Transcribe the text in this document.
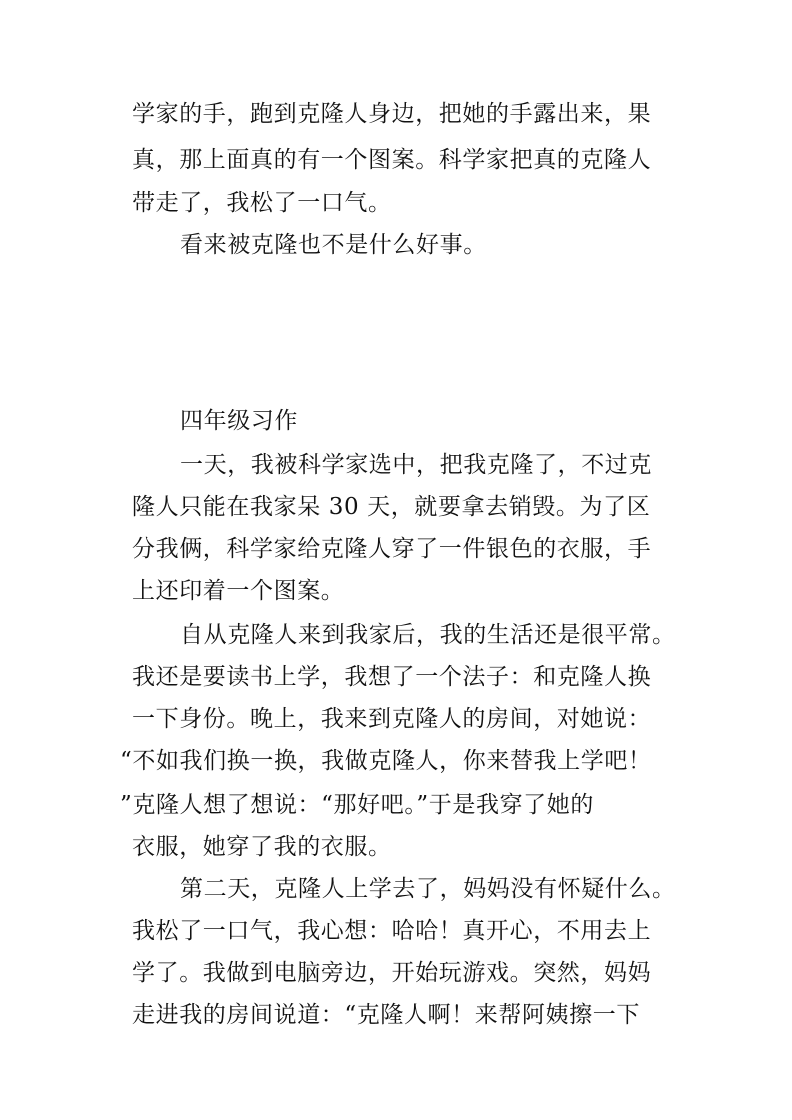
学家的手，跑到克隆人身边，把她的手露出来，果
真，那上面真的有一个图案。科学家把真的克隆人
带走了，我松了一口气。
看来被克隆也不是什么好事。
四年级习作
一天，我被科学家选中，把我克隆了，不过克
隆人只能在我家呆 30 天，就要拿去销毁。为了区
分我俩，科学家给克隆人穿了一件银色的衣服，手
上还印着一个图案。
自从克隆人来到我家后，我的生活还是很平常。
我还是要读书上学，我想了一个法子：和克隆人换
一下身份。晚上，我来到克隆人的房间，对她说：
“不如我们换一换，我做克隆人，你来替我上学吧！
”克隆人想了想说：“那好吧。”于是我穿了她的
衣服，她穿了我的衣服。
第二天，克隆人上学去了，妈妈没有怀疑什么。
我松了一口气，我心想：哈哈！真开心，不用去上
学了。我做到电脑旁边，开始玩游戏。突然，妈妈
走进我的房间说道：“克隆人啊！来帮阿姨擦一下
